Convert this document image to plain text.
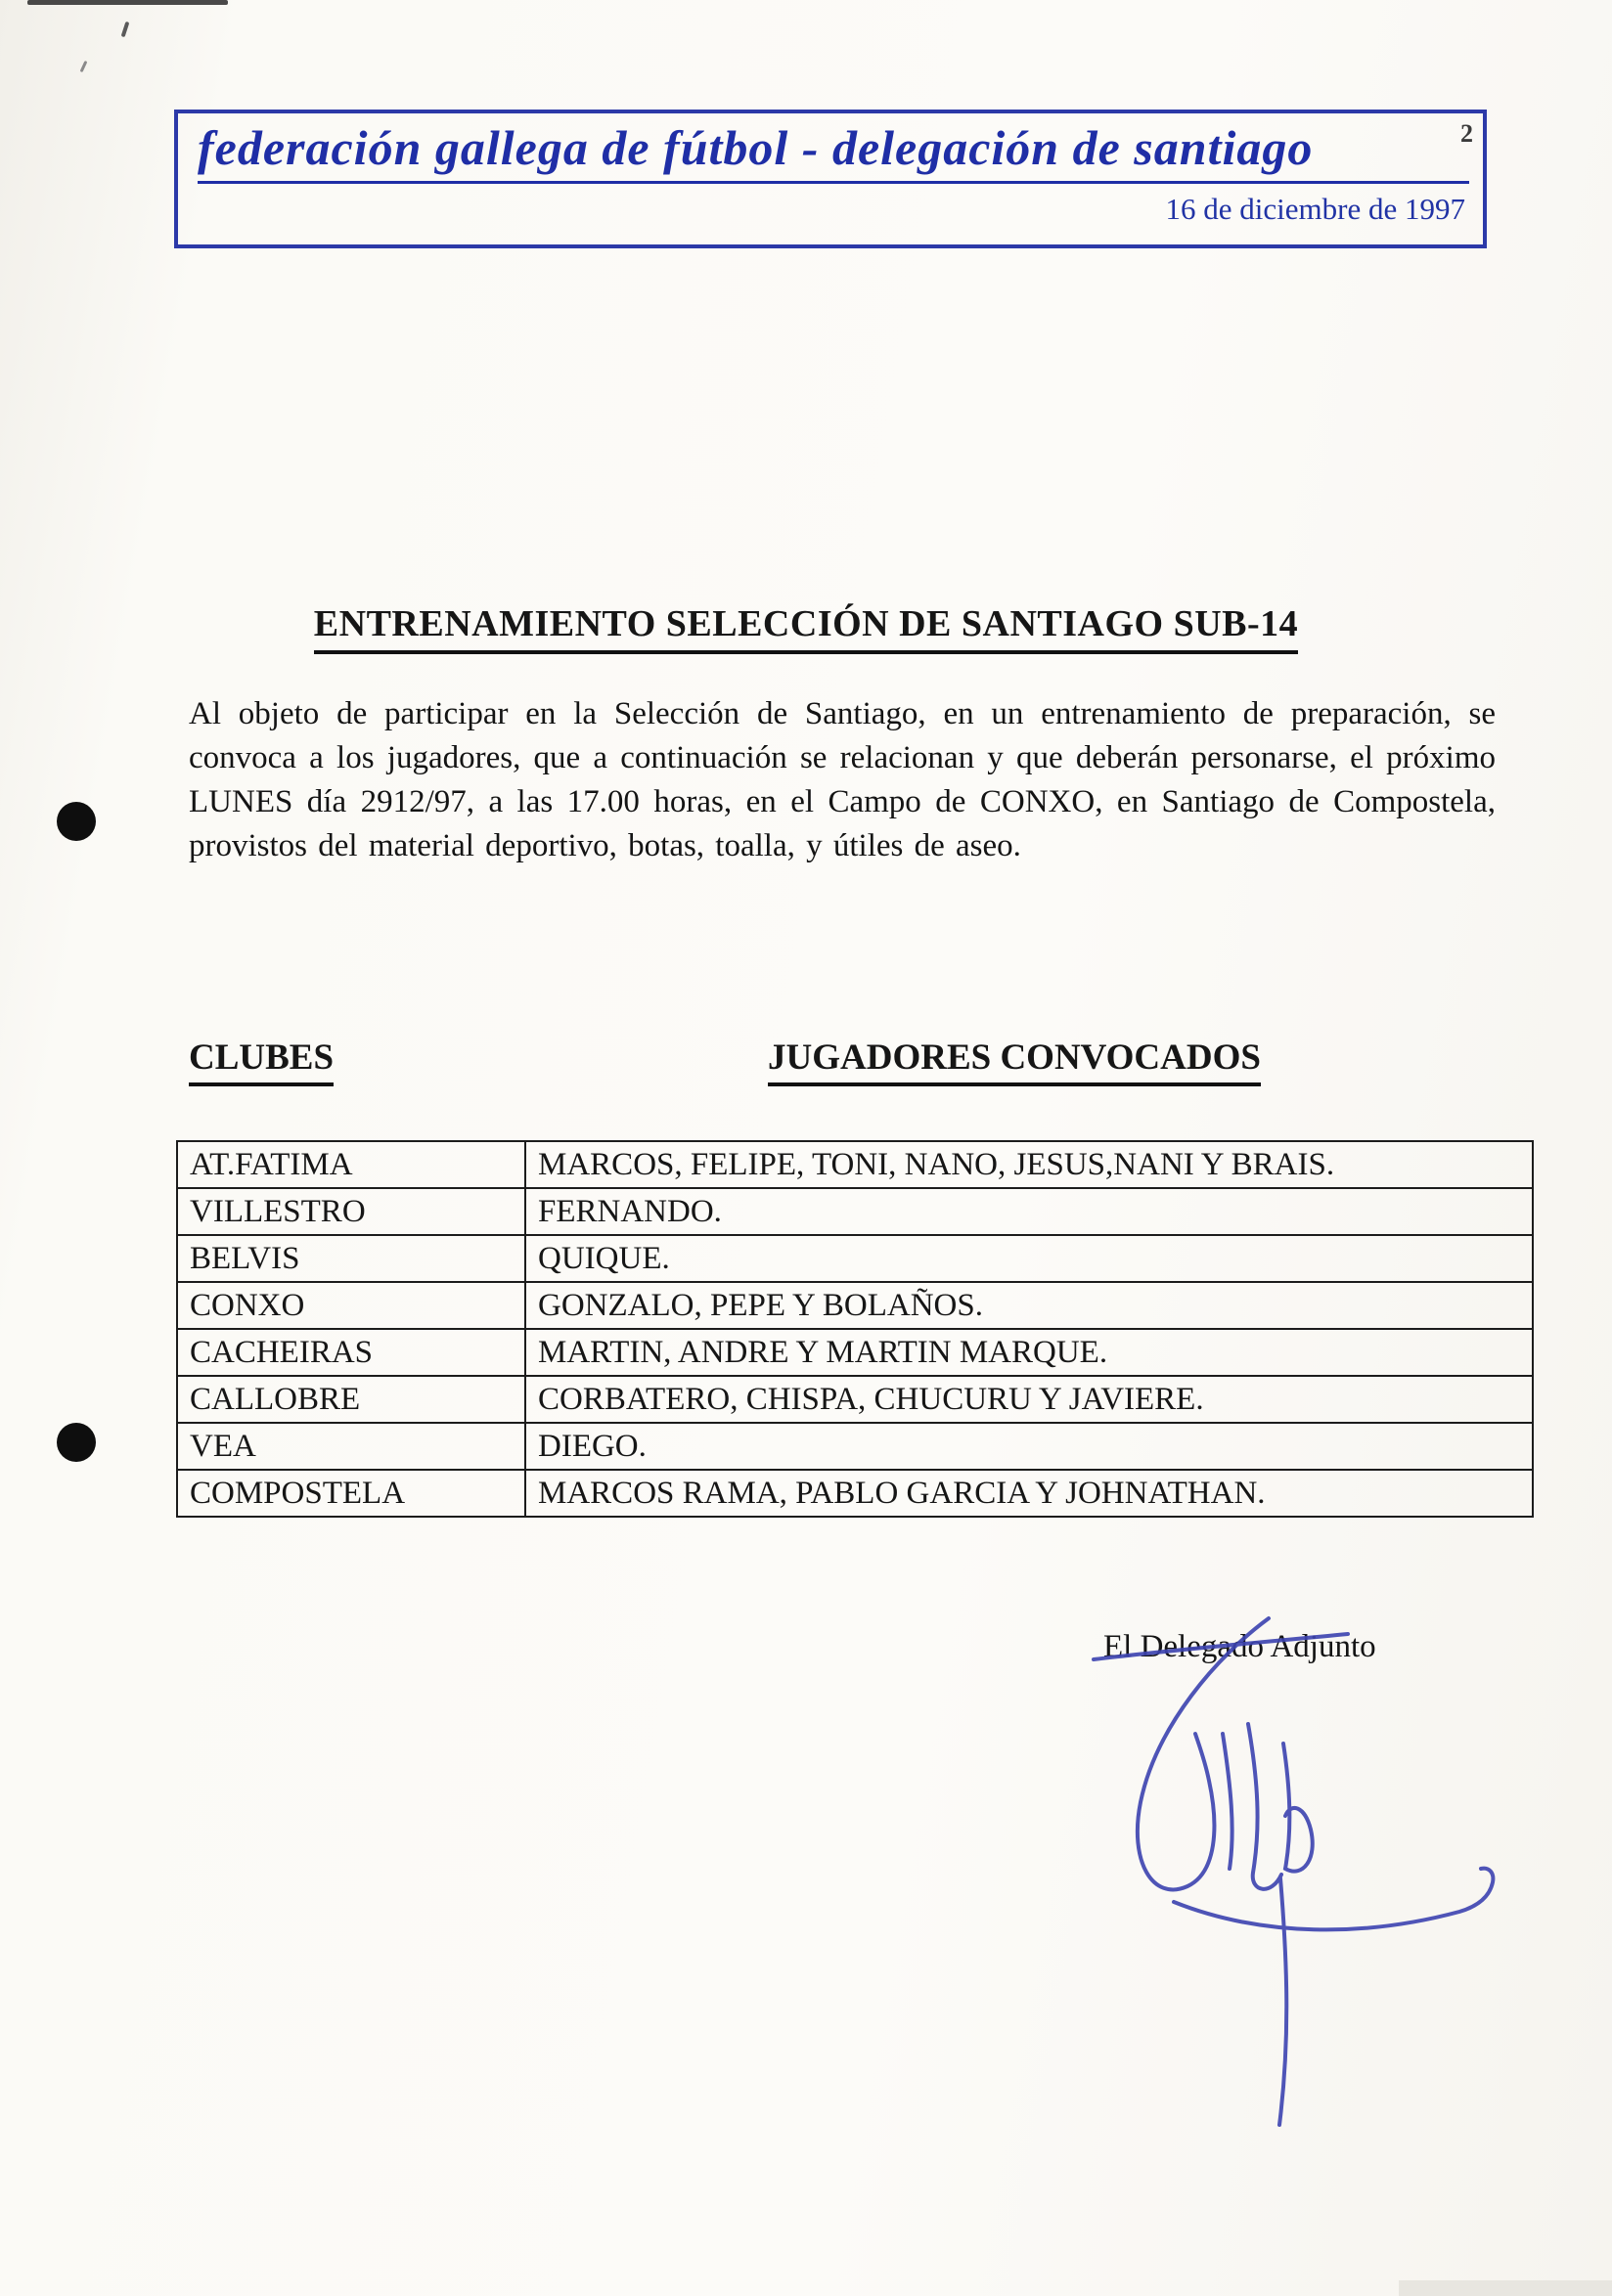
federación gallega de fútbol - delegación de santiago	2
16 de diciembre de 1997
ENTRENAMIENTO SELECCIÓN DE SANTIAGO SUB-14
Al objeto de participar en la Selección de Santiago, en un entrenamiento de preparación, se convoca a los jugadores, que a continuación se relacionan y que deberán personarse, el próximo LUNES día 2912/97, a las 17.00 horas, en el Campo de CONXO, en Santiago de Compostela, provistos del material deportivo, botas, toalla, y útiles de aseo.
CLUBES	JUGADORES CONVOCADOS
AT.FATIMA	MARCOS, FELIPE, TONI, NANO, JESUS,NANI Y BRAIS.
VILLESTRO	FERNANDO.
BELVIS	QUIQUE.
CONXO	GONZALO, PEPE Y BOLAÑOS.
CACHEIRAS	MARTIN, ANDRE Y MARTIN MARQUE.
CALLOBRE	CORBATERO, CHISPA, CHUCURU Y JAVIERE.
VEA	DIEGO.
COMPOSTELA	MARCOS RAMA, PABLO GARCIA Y JOHNATHAN.
El Delegado Adjunto
